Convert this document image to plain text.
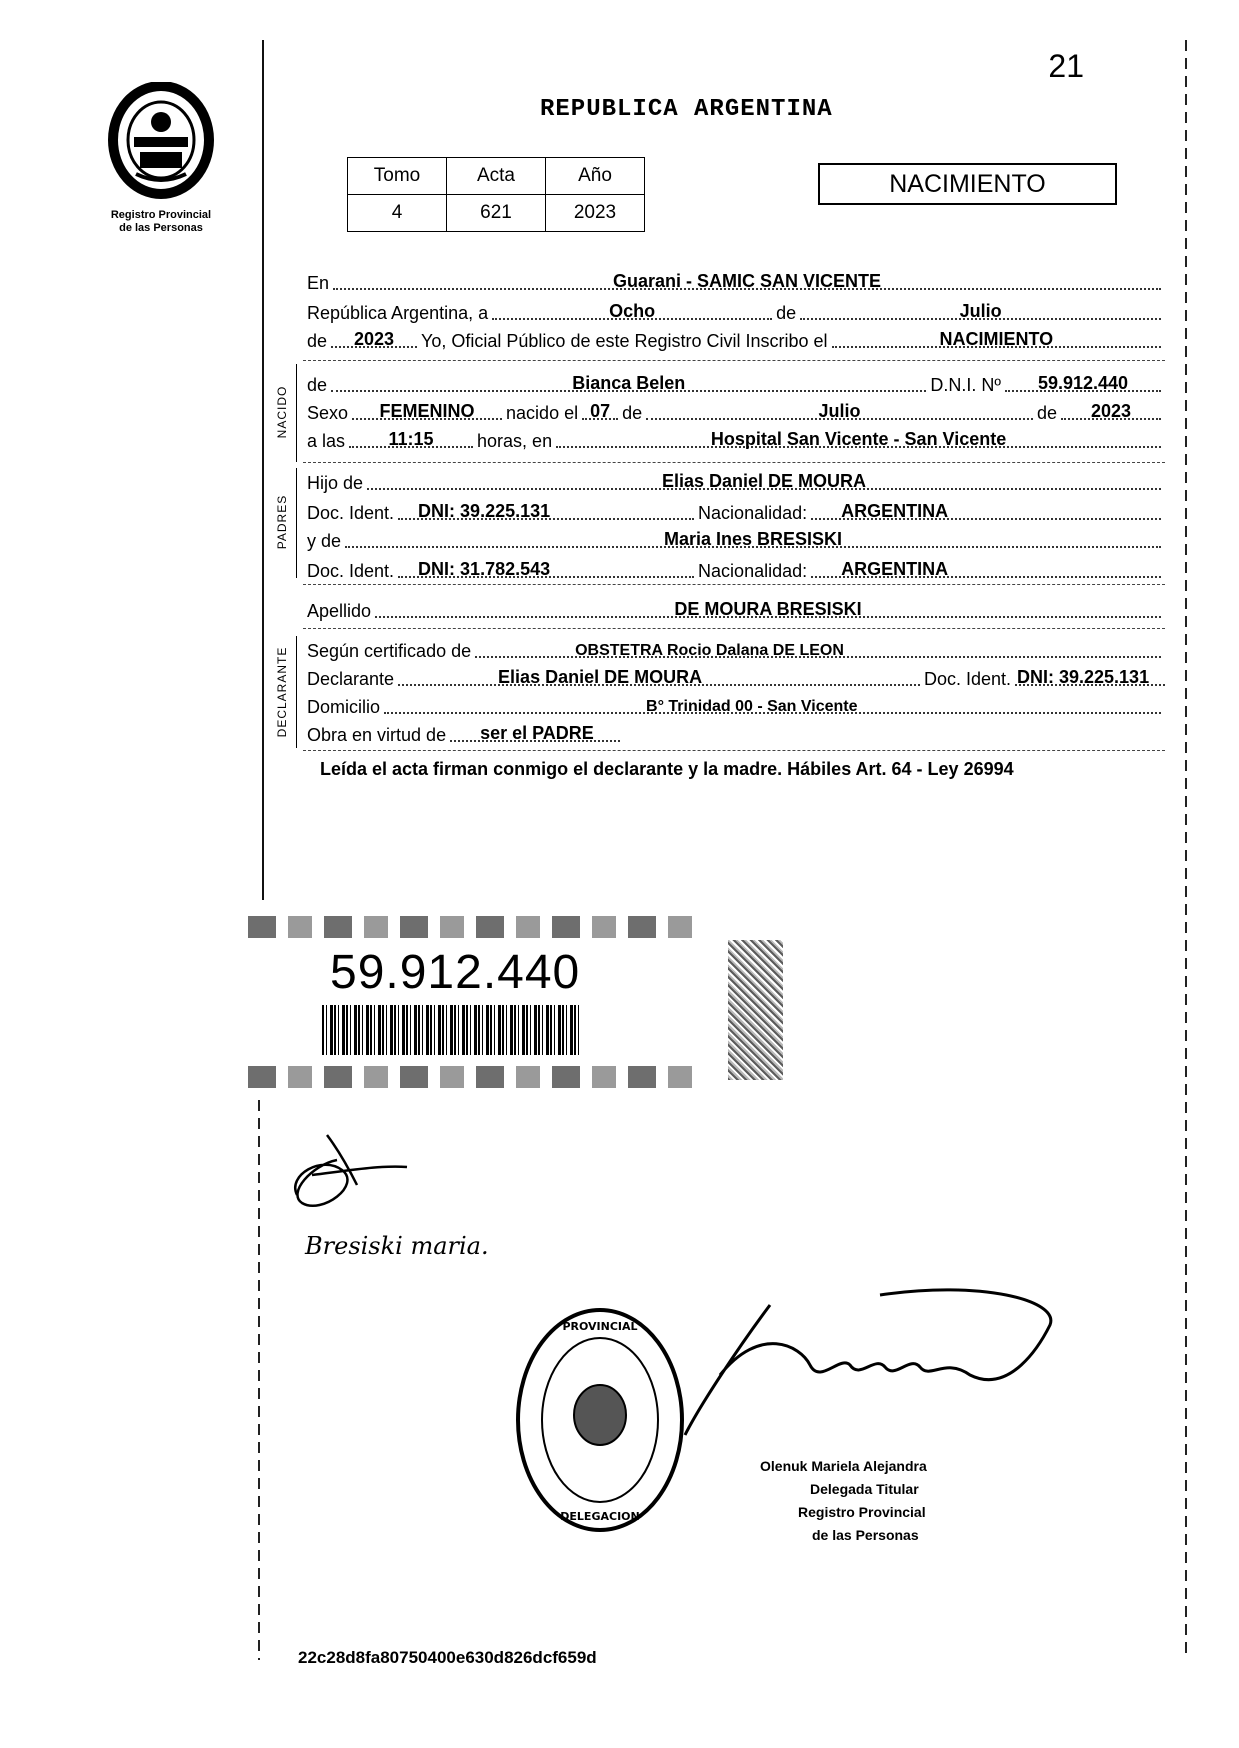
21
Registro Provincial
de las Personas
REPUBLICA ARGENTINA
Tomo	Acta	Año
4	621	2023
NACIMIENTO
En	Guarani - SAMIC SAN VICENTE
República Argentina, a	Ocho	de	Julio
de 2023 Yo, Oficial Público de este Registro Civil Inscribo el	NACIMIENTO
NACIDO
de	Bianca Belen	D.N.I. Nº 59.912.440
Sexo FEMENINO nacido el 07 de	Julio	de 2023
a las 11:15 horas, en	Hospital San Vicente - San Vicente
PADRES
Hijo de	Elias Daniel DE MOURA
Doc. Ident. DNI: 39.225.131	Nacionalidad: ARGENTINA
y de	Maria Ines BRESISKI
Doc. Ident. DNI: 31.782.543	Nacionalidad: ARGENTINA
Apellido	DE MOURA BRESISKI
DECLARANTE Según certificado de	OBSTETRA Rocio Dalana DE LEON
Declarante	Elias Daniel DE MOURA	Doc. Ident. DNI: 39.225.131
Domicilio	B° Trinidad 00 - San Vicente
Obra en virtud de ser el PADRE
Leída el acta firman conmigo el declarante y la madre. Hábiles Art. 64 - Ley 26994
59.912.440
Bresiski maria.
PROVINCIAL
DELEGACION
Olenuk Mariela Alejandra
Delegada Titular
Registro Provincial
de las Personas
22c28d8fa80750400e630d826dcf659d
